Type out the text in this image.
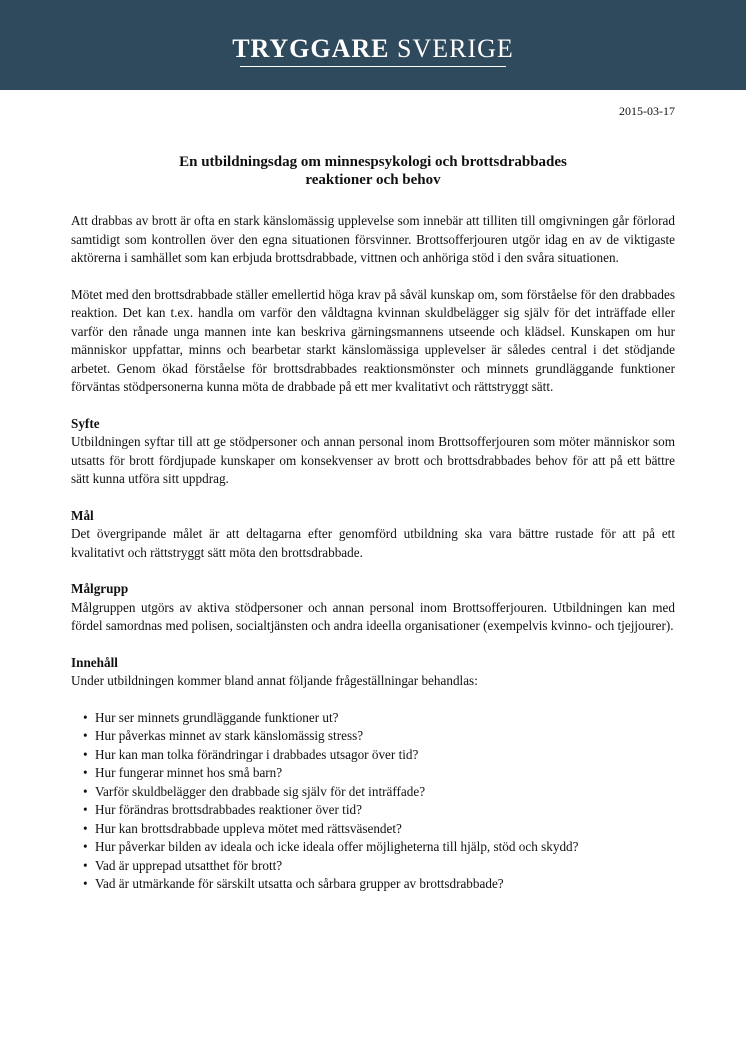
TRYGGARE SVERIGE
2015-03-17
En utbildningsdag om minnespsykologi och brottsdrabbades
reaktioner och behov

Att drabbas av brott är ofta en stark känslomässig upplevelse som innebär att tilliten till omgivningen går förlorad samtidigt som kontrollen över den egna situationen försvinner. Brottsofferjouren utgör idag en av de viktigaste aktörerna i samhället som kan erbjuda brottsdrabbade, vittnen och anhöriga stöd i den svåra situationen.

Mötet med den brottsdrabbade ställer emellertid höga krav på såväl kunskap om, som förståelse för den drabbades reaktion. Det kan t.ex. handla om varför den våldtagna kvinnan skuldbelägger sig själv för det inträffade eller varför den rånade unga mannen inte kan beskriva gärningsmannens utseende och klädsel. Kunskapen om hur människor uppfattar, minns och bearbetar starkt känslomässiga upplevelser är således central i det stödjande arbetet. Genom ökad förståelse för brottsdrabbades reaktionsmönster och minnets grundläggande funktioner förväntas stödpersonerna kunna möta de drabbade på ett mer kvalitativt och rättstryggt sätt.

Syfte

Utbildningen syftar till att ge stödpersoner och annan personal inom Brottsofferjouren som möter människor som utsatts för brott fördjupade kunskaper om konsekvenser av brott och brottsdrabbades behov för att på ett bättre sätt kunna utföra sitt uppdrag.

Mål

Det övergripande målet är att deltagarna efter genomförd utbildning ska vara bättre rustade för att på ett kvalitativt och rättstryggt sätt möta den brottsdrabbade.

Målgrupp

Målgruppen utgörs av aktiva stödpersoner och annan personal inom Brottsofferjouren. Utbildningen kan med fördel samordnas med polisen, socialtjänsten och andra ideella organisationer (exempelvis kvinno- och tjejjourer).

Innehåll

Under utbildningen kommer bland annat följande frågeställningar behandlas:

• Hur ser minnets grundläggande funktioner ut?
• Hur påverkas minnet av stark känslomässig stress?
• Hur kan man tolka förändringar i drabbades utsagor över tid?
• Hur fungerar minnet hos små barn?
• Varför skuldbelägger den drabbade sig själv för det inträffade?
• Hur förändras brottsdrabbades reaktioner över tid?
• Hur kan brottsdrabbade uppleva mötet med rättsväsendet?
• Hur påverkar bilden av ideala och icke ideala offer möjligheterna till hjälp, stöd och skydd?
• Vad är upprepad utsatthet för brott?
• Vad är utmärkande för särskilt utsatta och sårbara grupper av brottsdrabbade?
